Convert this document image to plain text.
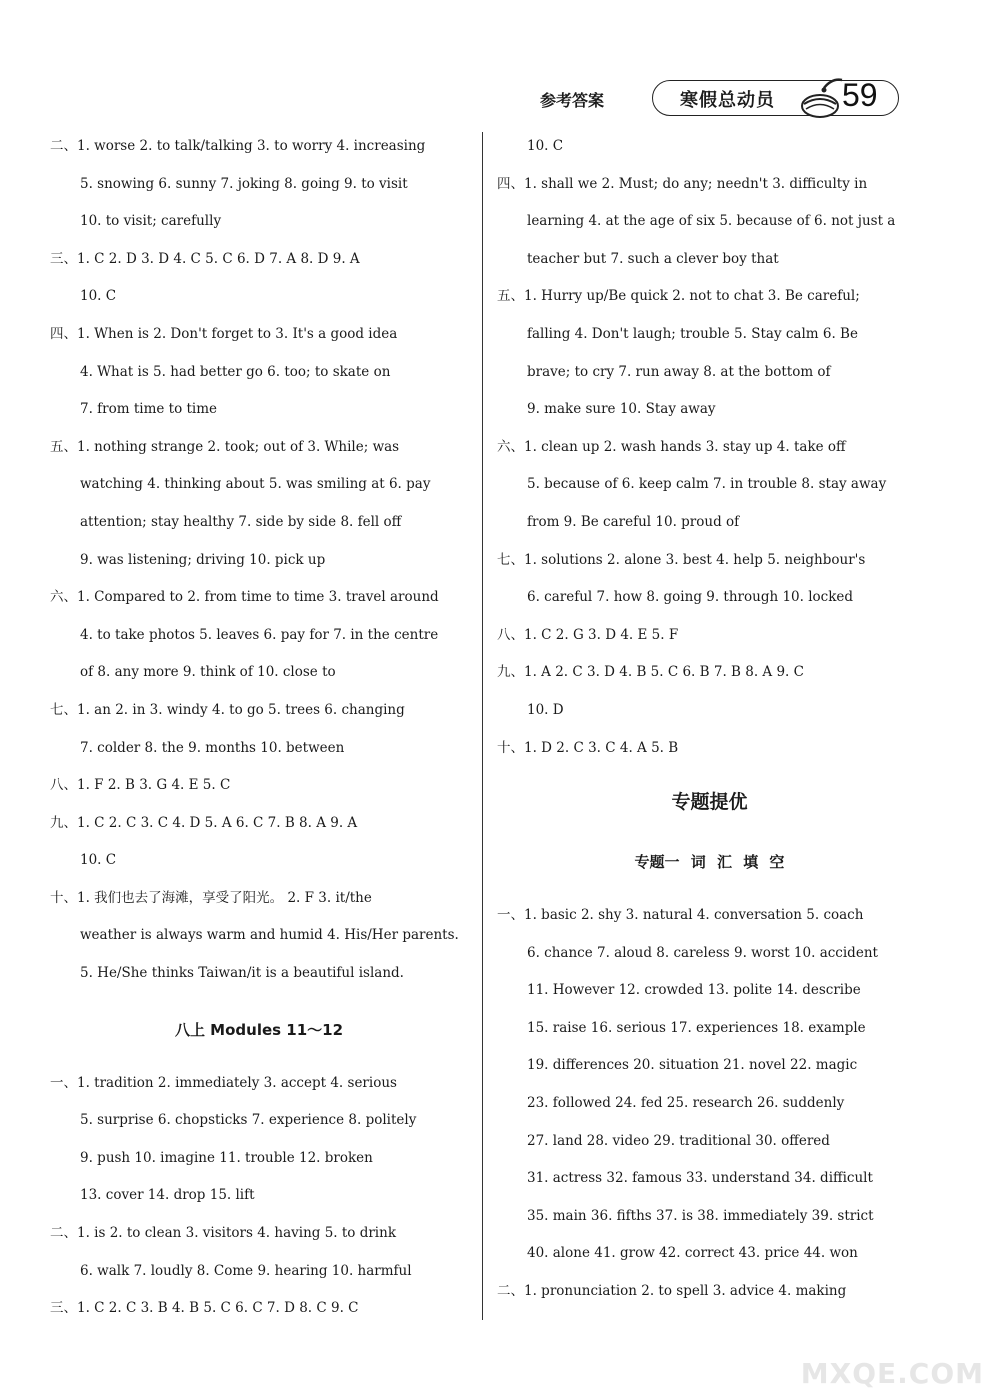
参考答案	寒假总动员 59
二、1. worse 2. to talk/talking 3. to worry 4. increasing
5. snowing 6. sunny 7. joking 8. going 9. to visit
10. to visit; carefully
三、1. C 2. D 3. D 4. C 5. C 6. D 7. A 8. D 9. A
10. C
四、1. When is 2. Don't forget to 3. It's a good idea
4. What is 5. had better go 6. too; to skate on
7. from time to time
五、1. nothing strange 2. took; out of 3. While; was
watching 4. thinking about 5. was smiling at 6. pay
attention; stay healthy 7. side by side 8. fell off
9. was listening; driving 10. pick up
六、1. Compared to 2. from time to time 3. travel around
4. to take photos 5. leaves 6. pay for 7. in the centre
of 8. any more 9. think of 10. close to
七、1. an 2. in 3. windy 4. to go 5. trees 6. changing
7. colder 8. the 9. months 10. between
八、1. F 2. B 3. G 4. E 5. C
九、1. C 2. C 3. C 4. D 5. A 6. C 7. B 8. A 9. A
10. C
十、1. 我们也去了海滩，享受了阳光。 2. F 3. it/the
weather is always warm and humid 4. His/Her parents.
5. He/She thinks Taiwan/it is a beautiful island.
八上 Modules 11～12
一、1. tradition 2. immediately 3. accept 4. serious
5. surprise 6. chopsticks 7. experience 8. politely
9. push 10. imagine 11. trouble 12. broken
13. cover 14. drop 15. lift
二、1. is 2. to clean 3. visitors 4. having 5. to drink
6. walk 7. loudly 8. Come 9. hearing 10. harmful
三、1. C 2. C 3. B 4. B 5. C 6. C 7. D 8. C 9. C
10. C
四、1. shall we 2. Must; do any; needn't 3. difficulty in
learning 4. at the age of six 5. because of 6. not just a
teacher but 7. such a clever boy that
五、1. Hurry up/Be quick 2. not to chat 3. Be careful;
falling 4. Don't laugh; trouble 5. Stay calm 6. Be
brave; to cry 7. run away 8. at the bottom of
9. make sure 10. Stay away
六、1. clean up 2. wash hands 3. stay up 4. take off
5. because of 6. keep calm 7. in trouble 8. stay away
from 9. Be careful 10. proud of
七、1. solutions 2. alone 3. best 4. help 5. neighbour's
6. careful 7. how 8. going 9. through 10. locked
八、1. C 2. G 3. D 4. E 5. F
九、1. A 2. C 3. D 4. B 5. C 6. B 7. B 8. A 9. C
10. D
十、1. D 2. C 3. C 4. A 5. B
专题提优
专题一 词 汇 填 空
一、1. basic 2. shy 3. natural 4. conversation 5. coach
6. chance 7. aloud 8. careless 9. worst 10. accident
11. However 12. crowded 13. polite 14. describe
15. raise 16. serious 17. experiences 18. example
19. differences 20. situation 21. novel 22. magic
23. followed 24. fed 25. research 26. suddenly
27. land 28. video 29. traditional 30. offered
31. actress 32. famous 33. understand 34. difficult
35. main 36. fifths 37. is 38. immediately 39. strict
40. alone 41. grow 42. correct 43. price 44. won
二、1. pronunciation 2. to spell 3. advice 4. making
MXQE.COM
